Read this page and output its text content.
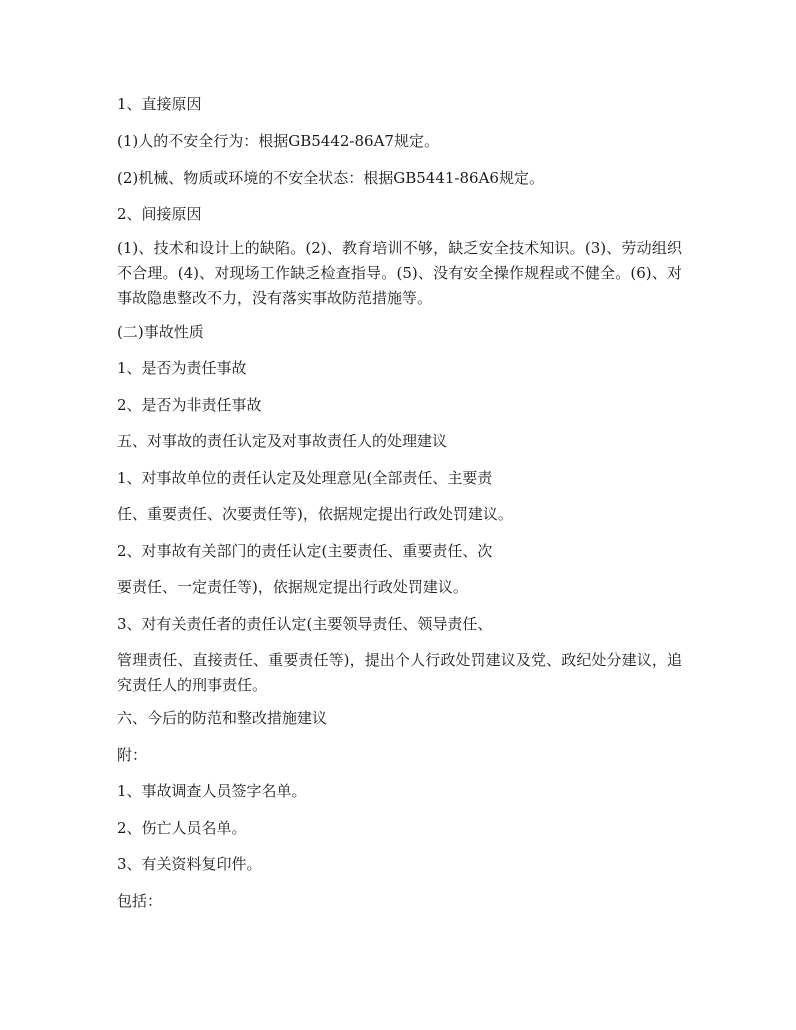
1、直接原因
(1)人的不安全行为：根据GB5442-86A7规定。
(2)机械、物质或环境的不安全状态：根据GB5441-86A6规定。
2、间接原因
(1)、技术和设计上的缺陷。(2)、教育培训不够，缺乏安全技术知识。(3)、劳动组织不合理。(4)、对现场工作缺乏检查指导。(5)、没有安全操作规程或不健全。(6)、对事故隐患整改不力，没有落实事故防范措施等。
(二)事故性质
1、是否为责任事故
2、是否为非责任事故
五、对事故的责任认定及对事故责任人的处理建议
1、对事故单位的责任认定及处理意见(全部责任、主要责
任、重要责任、次要责任等)，依据规定提出行政处罚建议。
2、对事故有关部门的责任认定(主要责任、重要责任、次
要责任、一定责任等)，依据规定提出行政处罚建议。
3、对有关责任者的责任认定(主要领导责任、领导责任、
管理责任、直接责任、重要责任等)，提出个人行政处罚建议及党、政纪处分建议，追究责任人的刑事责任。
六、今后的防范和整改措施建议
附：
1、事故调查人员签字名单。
2、伤亡人员名单。
3、有关资料复印件。
包括：
